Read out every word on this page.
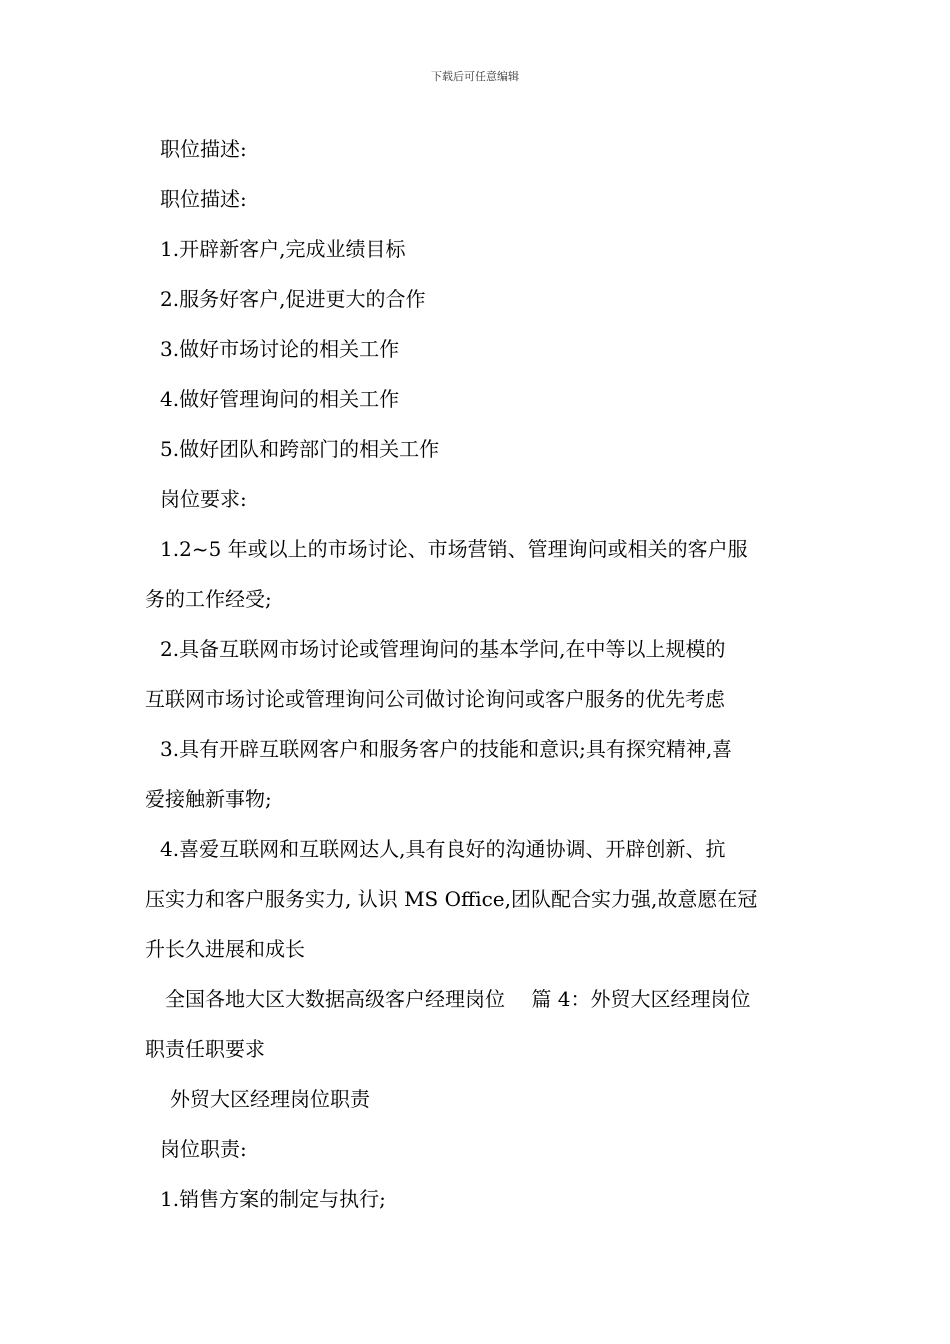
下载后可任意编辑
职位描述:
职位描述:
1.开辟新客户,完成业绩目标
2.服务好客户,促进更大的合作
3.做好市场讨论的相关工作
4.做好管理询问的相关工作
5.做好团队和跨部门的相关工作
岗位要求:
1.2~5 年或以上的市场讨论、市场营销、管理询问或相关的客户服
务的工作经受;
2.具备互联网市场讨论或管理询问的基本学问,在中等以上规模的
互联网市场讨论或管理询问公司做讨论询问或客户服务的优先考虑
3.具有开辟互联网客户和服务客户的技能和意识;具有探究精神,喜
爱接触新事物;
4.喜爱互联网和互联网达人,具有良好的沟通协调、开辟创新、抗
压实力和客户服务实力, 认识 MS Office,团队配合实力强,故意愿在冠
升长久进展和成长
全国各地大区大数据高级客户经理岗位　 篇 4：外贸大区经理岗位
职责任职要求
外贸大区经理岗位职责
岗位职责:
1.销售方案的制定与执行;
